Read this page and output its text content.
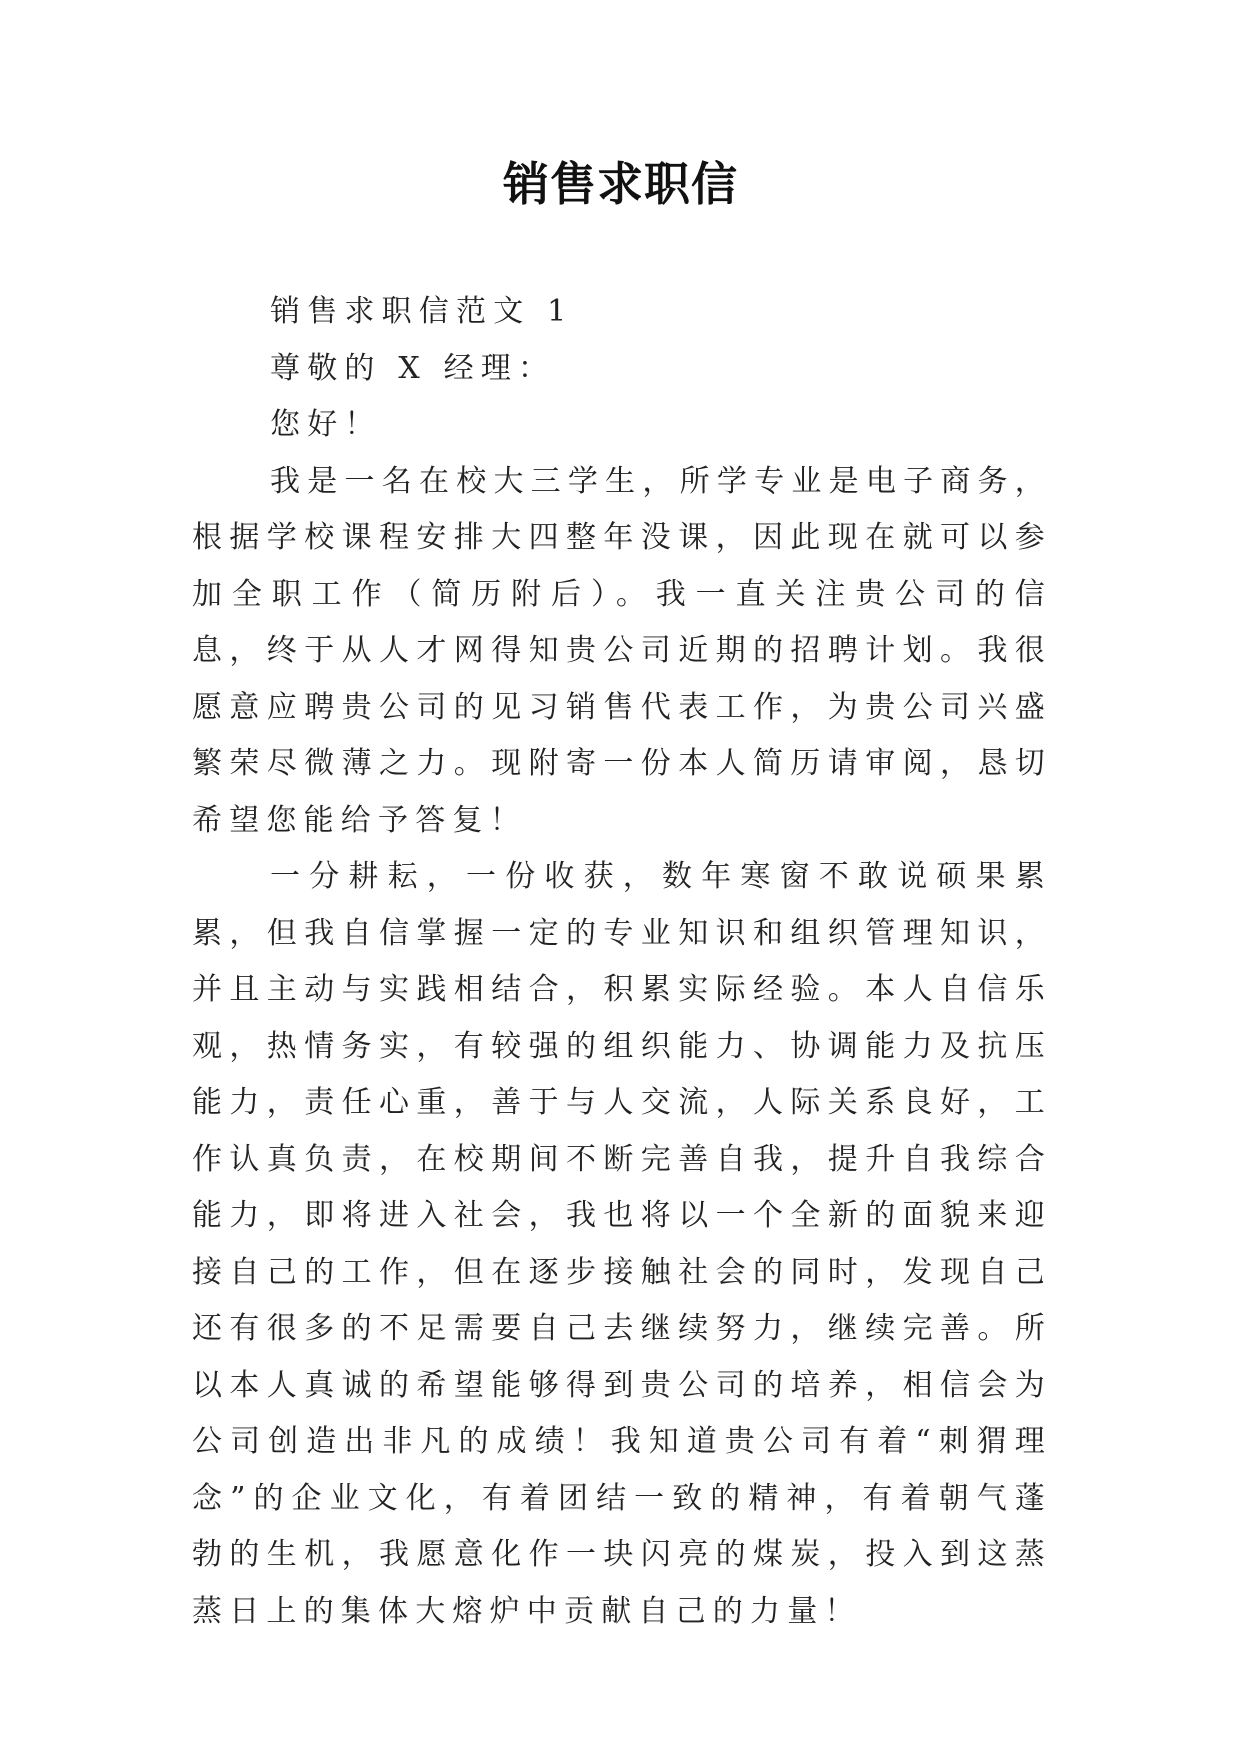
销售求职信

销售求职信范文 1

尊敬的 X 经理：

您好！

我是一名在校大三学生，所学专业是电子商务，根据学校课程安排大四整年没课，因此现在就可以参加全职工作（简历附后）。我一直关注贵公司的信息，终于从人才网得知贵公司近期的招聘计划。我很愿意应聘贵公司的见习销售代表工作，为贵公司兴盛繁荣尽微薄之力。现附寄一份本人简历请审阅，恳切希望您能给予答复！

一分耕耘，一份收获，数年寒窗不敢说硕果累累，但我自信掌握一定的专业知识和组织管理知识，并且主动与实践相结合，积累实际经验。本人自信乐观，热情务实，有较强的组织能力、协调能力及抗压能力，责任心重，善于与人交流，人际关系良好，工作认真负责，在校期间不断完善自我，提升自我综合能力，即将进入社会，我也将以一个全新的面貌来迎接自己的工作，但在逐步接触社会的同时，发现自己还有很多的不足需要自己去继续努力，继续完善。所以本人真诚的希望能够得到贵公司的培养，相信会为公司创造出非凡的成绩！我知道贵公司有着“刺猬理念”的企业文化，有着团结一致的精神，有着朝气蓬勃的生机，我愿意化作一块闪亮的煤炭，投入到这蒸蒸日上的集体大熔炉中贡献自己的力量！
